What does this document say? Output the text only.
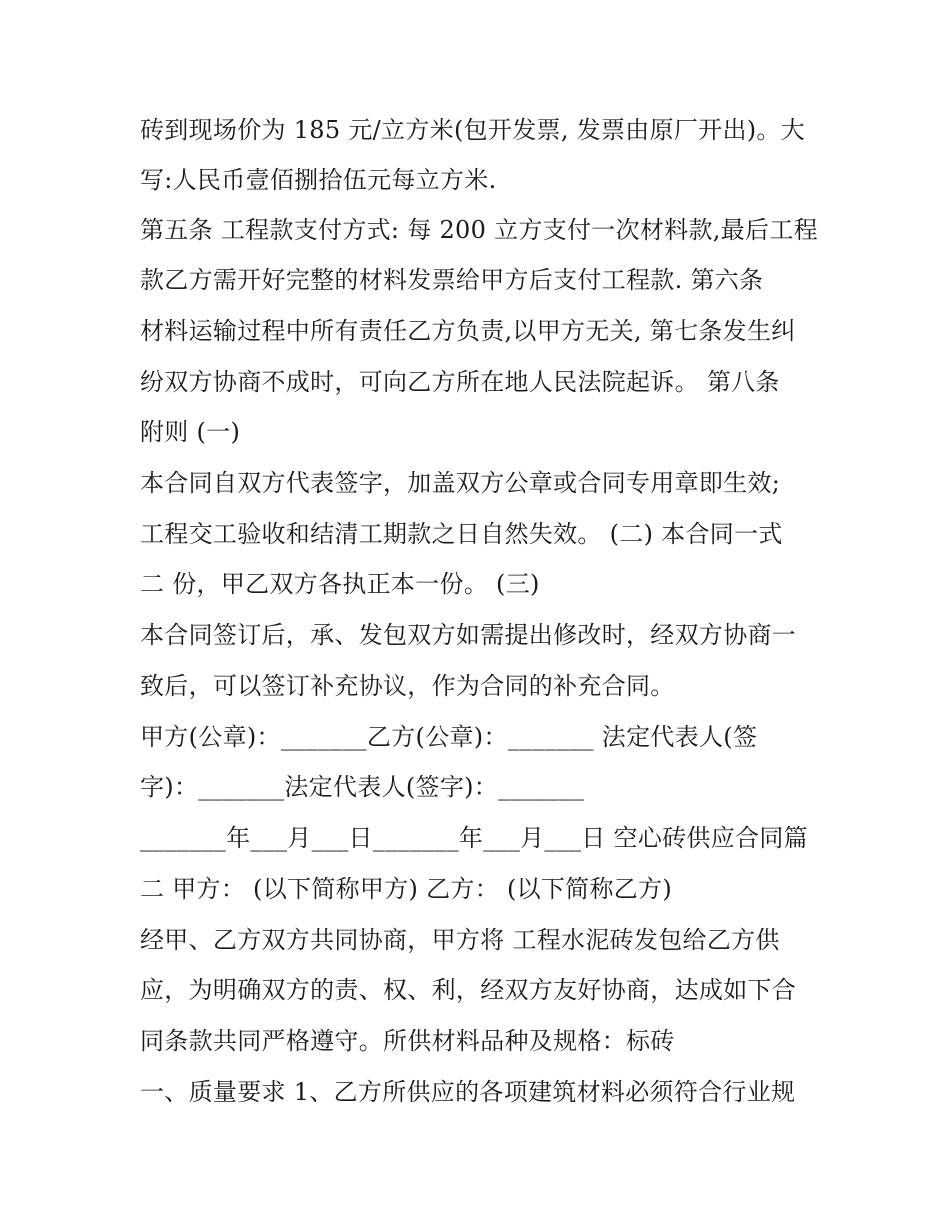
砖到现场价为 185 元/立方米(包开发票, 发票由原厂开出)。大
写:人民币壹佰捌拾伍元每立方米.
第五条 工程款支付方式: 每 200 立方支付一次材料款,最后工程
款乙方需开好完整的材料发票给甲方后支付工程款. 第六条
材料运输过程中所有责任乙方负责,以甲方无关, 第七条发生纠
纷双方协商不成时，可向乙方所在地人民法院起诉。 第八条
附则 (一)
本合同自双方代表签字，加盖双方公章或合同专用章即生效;
工程交工验收和结清工期款之日自然失效。 (二) 本合同一式
二 份，甲乙双方各执正本一份。 (三)
本合同签订后，承、发包双方如需提出修改时，经双方协商一
致后，可以签订补充协议，作为合同的补充合同。
甲方(公章)：_______乙方(公章)：_______ 法定代表人(签
字)：_______法定代表人(签字)：_______
_______年___月___日_______年___月___日 空心砖供应合同篇
二 甲方： (以下简称甲方) 乙方： (以下简称乙方)
经甲、乙方双方共同协商，甲方将 工程水泥砖发包给乙方供
应，为明确双方的责、权、利，经双方友好协商，达成如下合
同条款共同严格遵守。所供材料品种及规格：标砖
一、质量要求 1、乙方所供应的各项建筑材料必须符合行业规
